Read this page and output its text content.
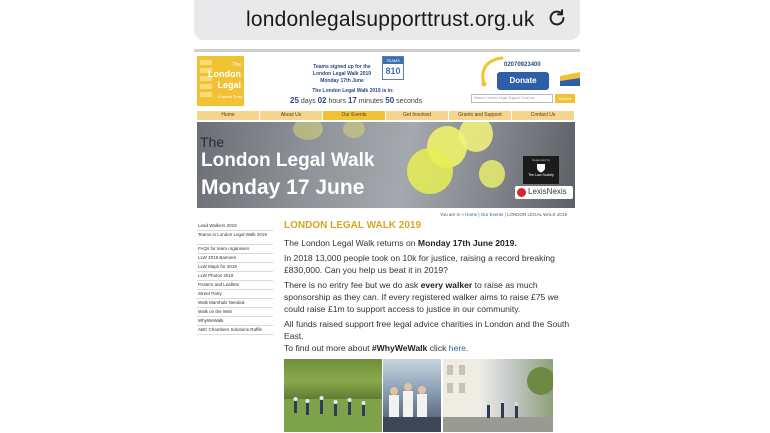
londonlegalsupporttrust.org.uk
The
London
Legal
Support Trust
Teams signed up for the
London Legal Walk 2019
Monday 17th June
TEAMS
810
The London Legal Walk 2019 is in:
25 days 02 hours 17 minutes 50 seconds
02070923400
Donate
Search London Legal Support Trust we...	Search
Home	About Us	Our Events	Get Involved	Grants and Support	Contact Us
The
London Legal Walk
Monday 17 June
Supported by
The Law Society
LexisNexis
You are in » Home | Our Events | LONDON LEGAL WALK 2019
Lead Walkers 2019
Teams in London Legal Walk 2019
FAQs for team organisers
LLW 2019 Banners
LLW Maps for 2019
LLW Photos 2018
Posters and Leaflets
Street Party
Walk Marshals Needed
Walk on the Web
WhyWeWalk
ABC Chambers Solutions Raffle
LONDON LEGAL WALK 2019

The London Legal Walk returns on Monday 17th June 2019.

In 2018 13,000 people took on 10k for justice, raising a record breaking £830,000. Can you help us beat it in 2019?

There is no entry fee but we do ask every walker to raise as much sponsorship as they can. If every registered walker aims to raise £75 we could raise £1m to support access to justice in our community.

All funds raised support free legal advice charities in London and the South East.
To find out more about #WhyWeWalk click here.
